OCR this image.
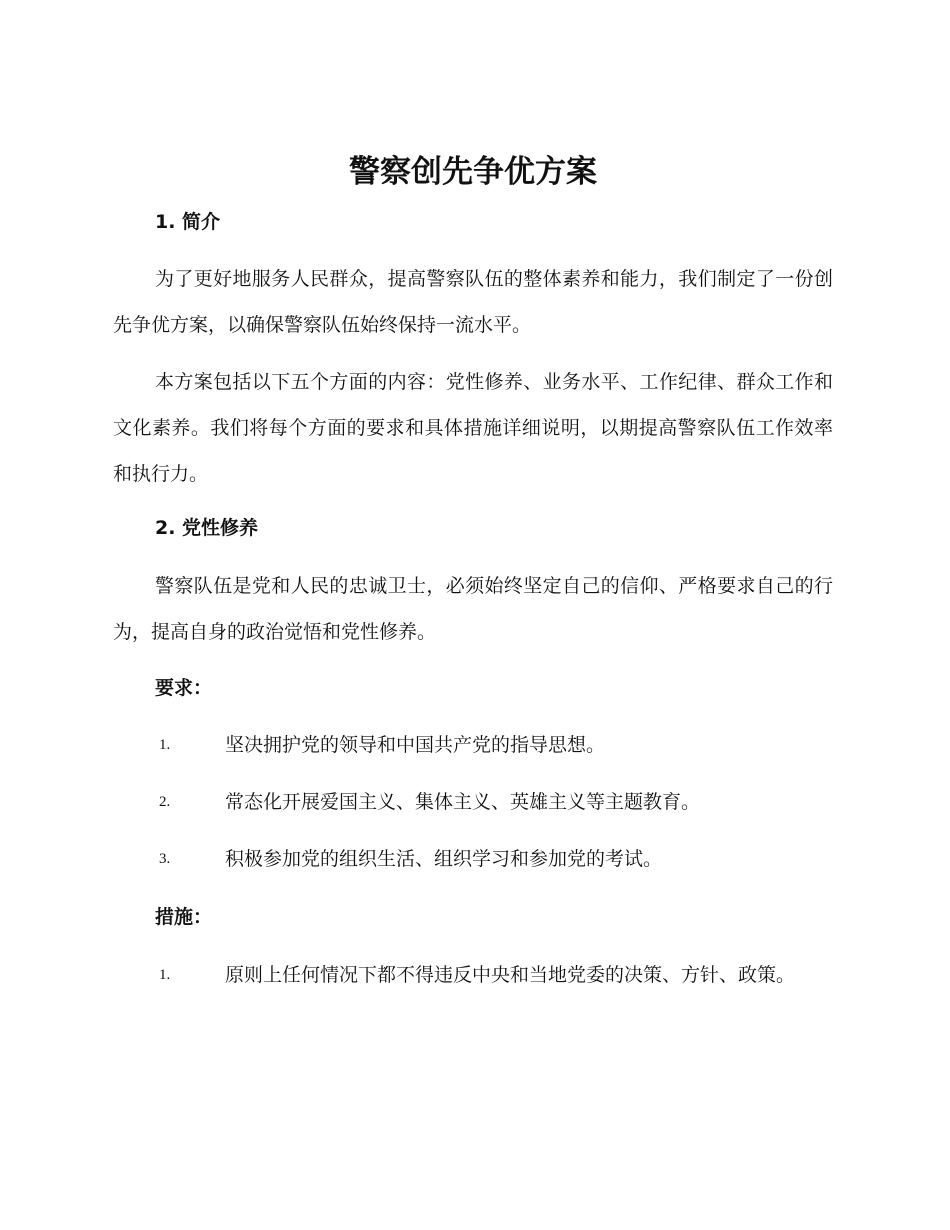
警察创先争优方案
1. 简介

为了更好地服务人民群众，提高警察队伍的整体素养和能力，我们制定了一份创先争优方案，以确保警察队伍始终保持一流水平。

本方案包括以下五个方面的内容：党性修养、业务水平、工作纪律、群众工作和文化素养。我们将每个方面的要求和具体措施详细说明，以期提高警察队伍工作效率和执行力。

2. 党性修养

警察队伍是党和人民的忠诚卫士，必须始终坚定自己的信仰、严格要求自己的行为，提高自身的政治觉悟和党性修养。

要求：
1.	坚决拥护党的领导和中国共产党的指导思想。
2.	常态化开展爱国主义、集体主义、英雄主义等主题教育。
3.	积极参加党的组织生活、组织学习和参加党的考试。
措施：
1.	原则上任何情况下都不得违反中央和当地党委的决策、方针、政策。
